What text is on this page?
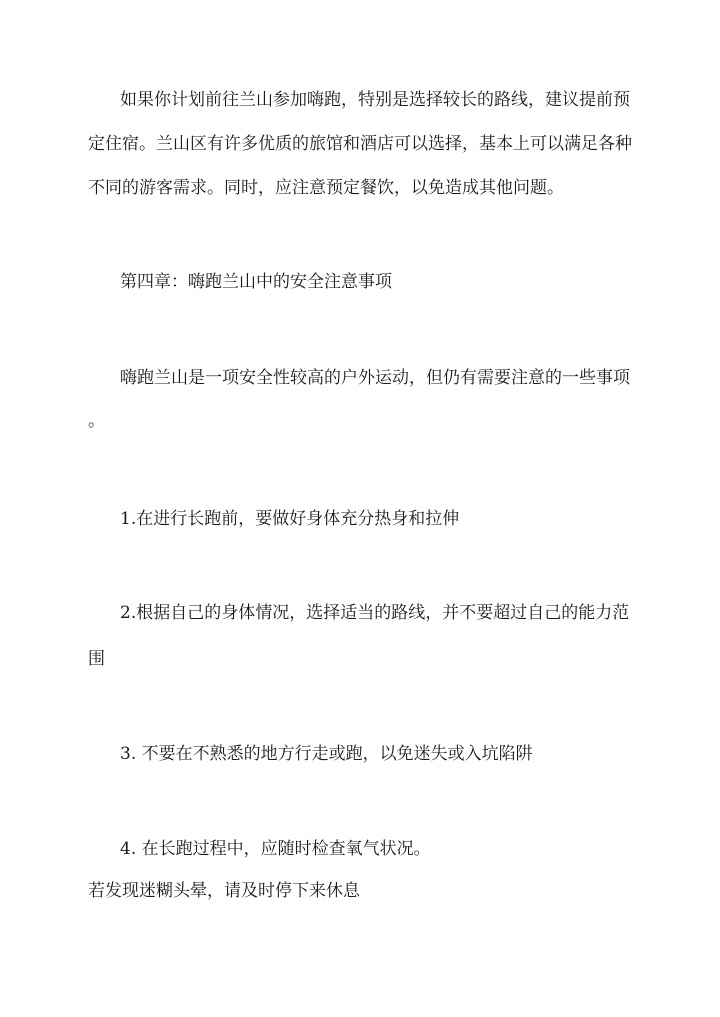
如果你计划前往兰山参加嗨跑，特别是选择较长的路线，建议提前预
定住宿。兰山区有许多优质的旅馆和酒店可以选择，基本上可以满足各种
不同的游客需求。同时，应注意预定餐饮，以免造成其他问题。
第四章：嗨跑兰山中的安全注意事项
嗨跑兰山是一项安全性较高的户外运动，但仍有需要注意的一些事项
。
1.在进行长跑前，要做好身体充分热身和拉伸
2.根据自己的身体情况，选择适当的路线，并不要超过自己的能力范
围
3. 不要在不熟悉的地方行走或跑，以免迷失或入坑陷阱
4. 在长跑过程中，应随时检查氧气状况。
若发现迷糊头晕，请及时停下来休息
